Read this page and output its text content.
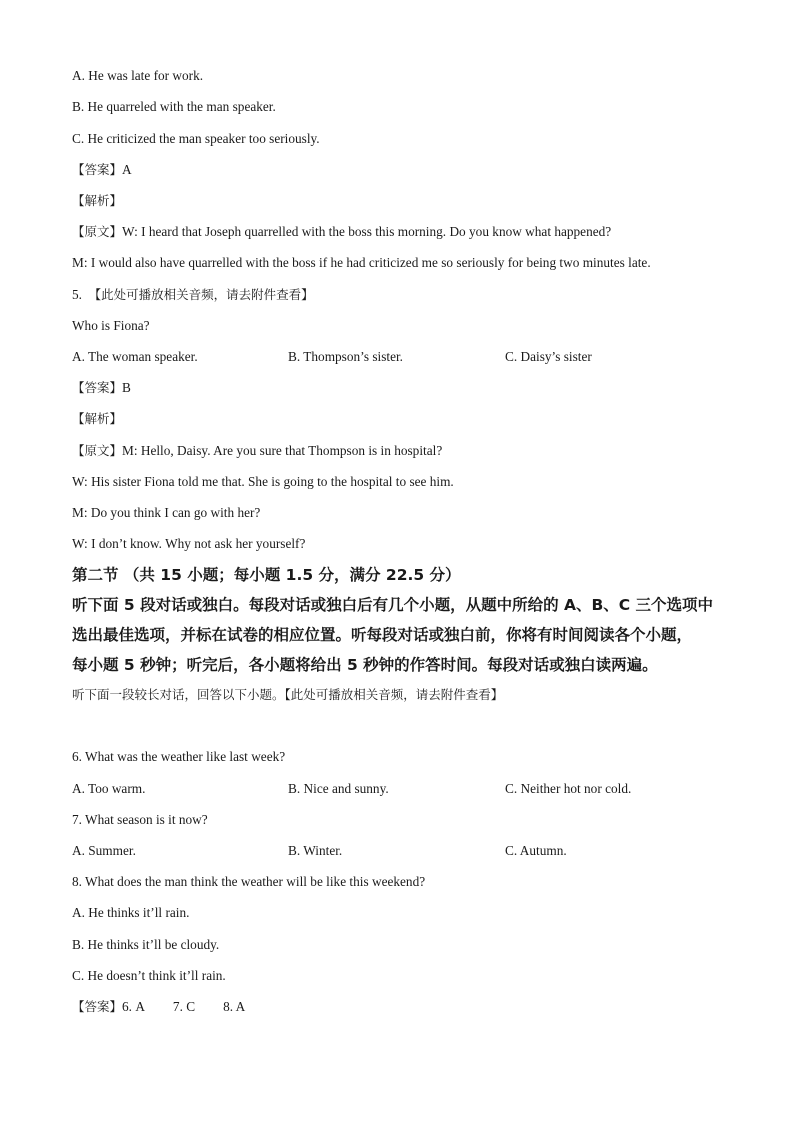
A. He was late for work.
B. He quarreled with the man speaker.
C. He criticized the man speaker too seriously.
【答案】A
【解析】
【原文】W: I heard that Joseph quarrelled with the boss this morning. Do you know what happened?
M: I would also have quarrelled with the boss if he had criticized me so seriously for being two minutes late.
5. 【此处可播放相关音频，请去附件查看】
Who is Fiona?
A. The woman speaker.	B. Thompson’s sister.	C. Daisy’s sister
【答案】B
【解析】
【原文】M: Hello, Daisy. Are you sure that Thompson is in hospital?
W: His sister Fiona told me that. She is going to the hospital to see him.
M: Do you think I can go with her?
W: I don’t know. Why not ask her yourself?
第二节 （共 15 小题；每小题 1.5 分，满分 22.5 分）
听下面 5 段对话或独白。每段对话或独白后有几个小题，从题中所给的 A、B、C 三个选项中
选出最佳选项，并标在试卷的相应位置。听每段对话或独白前，你将有时间阅读各个小题，
每小题 5 秒钟；听完后，各小题将给出 5 秒钟的作答时间。每段对话或独白读两遍。
听下面一段较长对话，回答以下小题。【此处可播放相关音频，请去附件查看】
6. What was the weather like last week?
A. Too warm.	B. Nice and sunny.	C. Neither hot nor cold.
7. What season is it now?
A. Summer.	B. Winter.	C. Autumn.
8. What does the man think the weather will be like this weekend?
A. He thinks it’ll rain.
B. He thinks it’ll be cloudy.
C. He doesn’t think it’ll rain.
【答案】6. A 7. C 8. A
